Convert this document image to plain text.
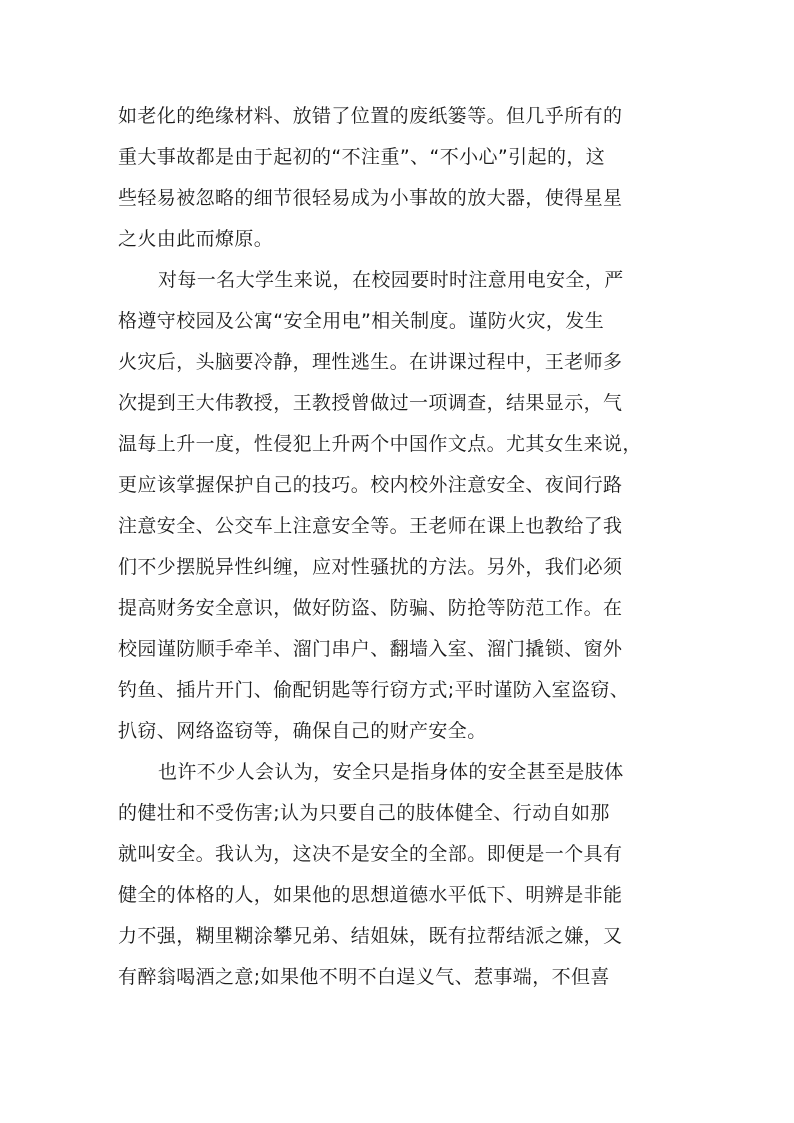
如老化的绝缘材料、放错了位置的废纸篓等。但几乎所有的
重大事故都是由于起初的“不注重”、“不小心”引起的，这
些轻易被忽略的细节很轻易成为小事故的放大器，使得星星
之火由此而燎原。
对每一名大学生来说，在校园要时时注意用电安全，严
格遵守校园及公寓“安全用电”相关制度。谨防火灾，发生
火灾后，头脑要冷静，理性逃生。在讲课过程中，王老师多
次提到王大伟教授，王教授曾做过一项调查，结果显示，气
温每上升一度，性侵犯上升两个中国作文点。尤其女生来说，
更应该掌握保护自己的技巧。校内校外注意安全、夜间行路
注意安全、公交车上注意安全等。王老师在课上也教给了我
们不少摆脱异性纠缠，应对性骚扰的方法。另外，我们必须
提高财务安全意识，做好防盗、防骗、防抢等防范工作。在
校园谨防顺手牵羊、溜门串户、翻墙入室、溜门撬锁、窗外
钓鱼、插片开门、偷配钥匙等行窃方式;平时谨防入室盗窃、
扒窃、网络盗窃等，确保自己的财产安全。
也许不少人会认为，安全只是指身体的安全甚至是肢体
的健壮和不受伤害;认为只要自己的肢体健全、行动自如那
就叫安全。我认为，这决不是安全的全部。即便是一个具有
健全的体格的人，如果他的思想道德水平低下、明辨是非能
力不强，糊里糊涂攀兄弟、结姐妹，既有拉帮结派之嫌，又
有醉翁喝酒之意;如果他不明不白逞义气、惹事端，不但喜
